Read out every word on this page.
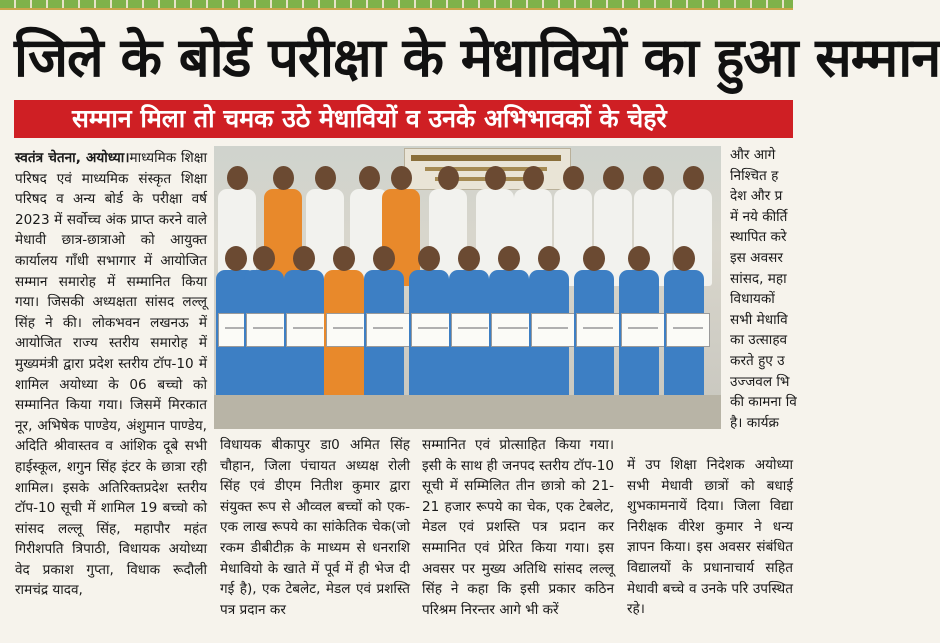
जिले के बोर्ड परीक्षा के मेधावियों का हुआ सम्मान
सम्मान मिला तो चमक उठे मेधावियों व उनके अभिभावकों के चेहरे
स्वतंत्र चेतना, अयोध्या।माध्यमिक शिक्षा परिषद एवं माध्यमिक संस्कृत शिक्षा परिषद व अन्य बोर्ड के परीक्षा वर्ष 2023 में सर्वोच्च अंक प्राप्त करने वाले मेधावी छात्र-छात्राओ को आयुक्त कार्यालय गाँधी सभागार में आयोजित सम्मान समारोह में सम्मानित किया गया। जिसकी अध्यक्षता सांसद लल्लू सिंह ने की। लोकभवन लखनऊ में आयोजित राज्य स्तरीय समारोह में मुख्यमंत्री द्वारा प्रदेश स्तरीय टॉप-10 में शामिल अयोध्या के 06 बच्चो को सम्मानित किया गया। जिसमें मिरकात नूर, अभिषेक पाण्डेय, अंशुमान पाण्डेय, अदिति श्रीवास्तव व आंशिक दूबे सभी हाईस्कूल, शगुन सिंह इंटर के छात्रा रही शामिल। इसके अतिरिक्तप्रदेश स्तरीय टॉप-10 सूची में शामिल 19 बच्चो को सांसद लल्लू सिंह, महापौर महंत गिरीशपति त्रिपाठी, विधायक अयोध्या वेद प्रकाश गुप्ता, विधाक रूदौली रामचंद्र यादव,
विधायक बीकापुर डा0 अमित सिंह चौहान, जिला पंचायत अध्यक्ष रोली सिंह एवं डीएम नितीश कुमार द्वारा संयुक्त रूप से औव्वल बच्चों को एक-एक लाख रूपये का सांकेतिक चेक(जो रकम डीबीटीक़ के माध्यम से धनराशि मेधावियो के खाते में पूर्व में ही भेज दी गई है), एक टेबलेट, मेडल एवं प्रशस्ति पत्र प्रदान कर
सम्मानित एवं प्रोत्साहित किया गया। इसी के साथ ही जनपद स्तरीय टॉप-10 सूची में सम्मिलित तीन छात्रो को 21-21 हजार रूपये का चेक, एक टेबलेट, मेडल एवं प्रशस्ति पत्र प्रदान कर सम्मानित एवं प्रेरित किया गया। इस अवसर पर मुख्य अतिथि सांसद लल्लू सिंह ने कहा कि इसी प्रकार कठिन परिश्रम निरन्तर आगे भी करें
में उप शिक्षा निदेशक अयोध्या सभी मेधावी छात्रों को बधाई शुभकामनायें दिया। जिला विद्या निरीक्षक वीरेश कुमार ने धन्य ज्ञापन किया। इस अवसर संबंधित विद्यालयों के प्रधानाचार्य सहित मेधावी बच्चे व उनके परि उपस्थित रहे।
और आगे
निश्चित ह
देश और प्र
में नये कीर्ति
स्थापित करे
इस अवसर
सांसद, महा
विधायकों
सभी मेधावि
का उत्साहव
करते हुए उ
उज्जवल भि
की कामना वि
है। कार्यक्र
